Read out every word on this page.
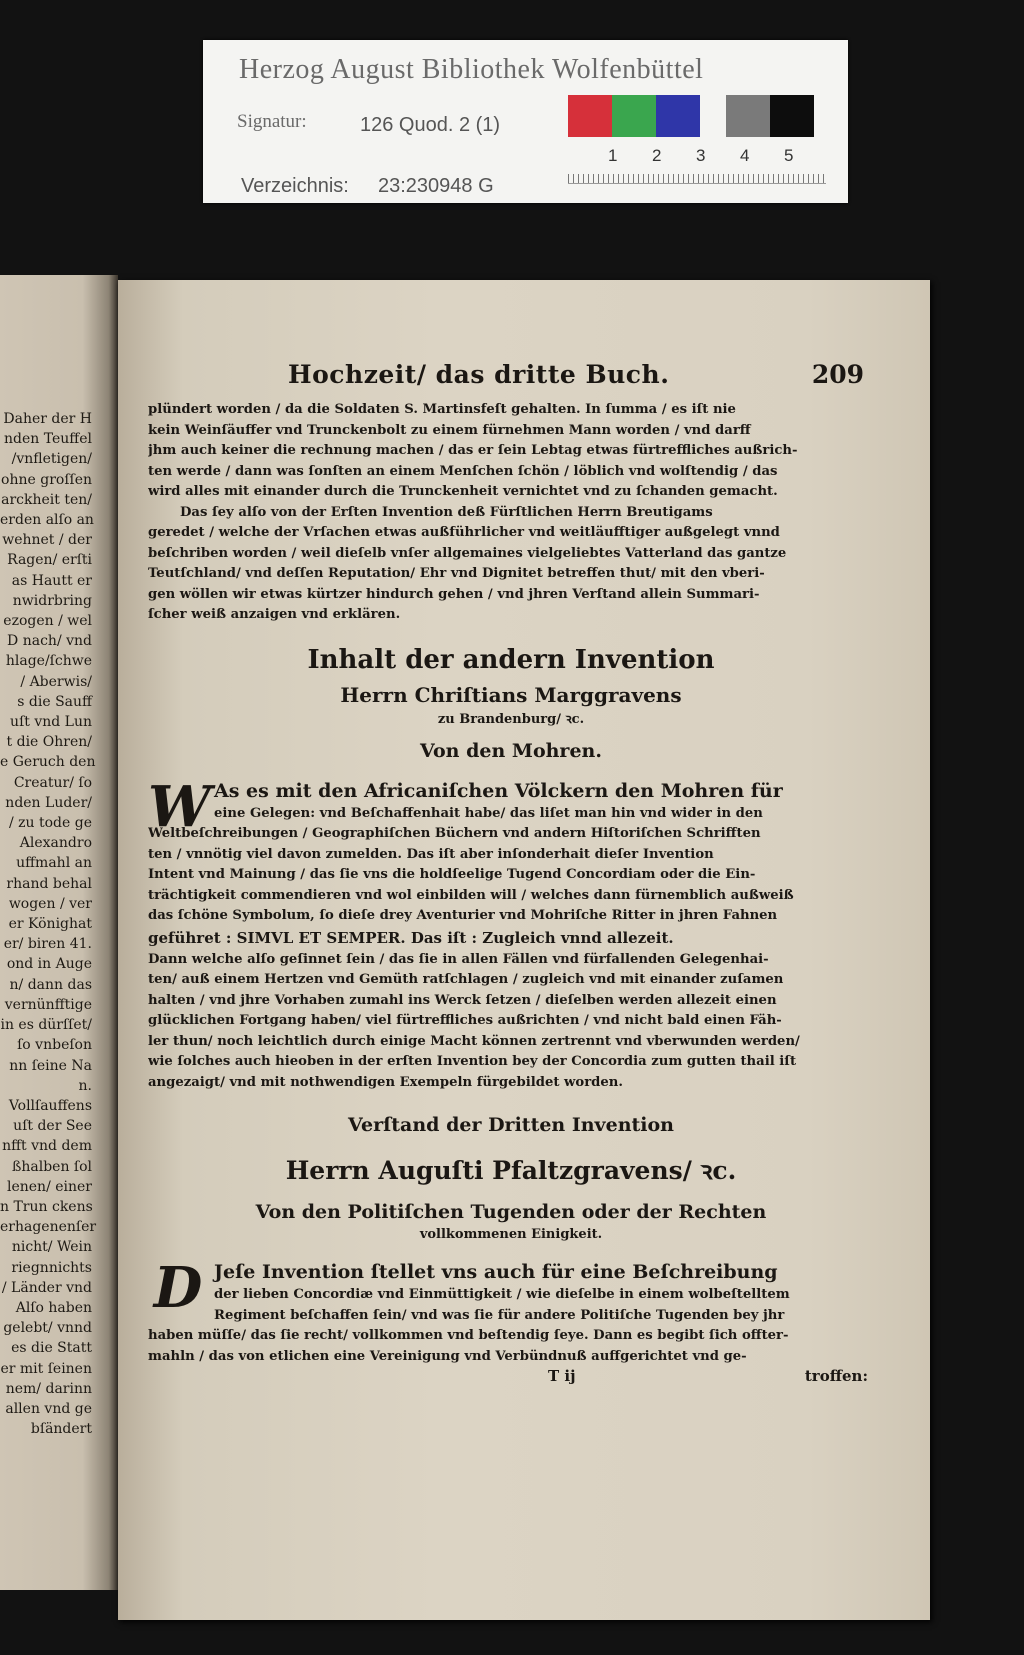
Herzog August Bibliothek Wolfenbüttel
Signatur:	126 Quod. 2 (1)
Verzeichnis: 23:230948 G
1 2 3 4 5
Daher der H
nden Teuffel
/vnfletigen/
ohne groſſen
arckheit ten/
erden alſo an
wehnet / der
Ragen/ erſti
as Hautt er
nwidrbring
ezogen / wel
D nach/ vnd
hlage/ſchwe
/ Aberwis/
s die Sauff
uſt vnd Lun
t die Ohren/
e Geruch den
Creatur/ ſo
nden Luder/
/ zu tode ge
Alexandro
uffmahl an
rhand behal
wogen / ver
er Könighat
er/ biren 41.
ond in Auge
n/ dann das
vernünfftige
in es dürſſet/
ſo vnbeſon
nn ſeine Na
n.
Vollſauffens
uſt der See
nfft vnd dem
ßhalben ſol
lenen/ einer
n Trun ckens
erhagenenſer
nicht/ Wein
riegnnichts
/ Länder vnd
Alſo haben
gelebt/ vnnd
es die Statt
er mit ſeinen
nem/ darinn
allen vnd ge
bſändert
Hochzeit/ das dritte Buch.	209
plündert worden / da die Soldaten S. Martinsfeſt gehalten. In ſumma / es iſt nie
kein Weinſäuffer vnd Trunckenbolt zu einem fürnehmen Mann worden / vnd darff
jhm auch keiner die rechnung machen / das er ſein Lebtag etwas fürtreffliches außrich-
ten werde / dann was ſonſten an einem Menſchen ſchön / löblich vnd wolſtendig / das
wird alles mit einander durch die Trunckenheit vernichtet vnd zu ſchanden gemacht.
Das ſey alſo von der Erſten Invention deß Fürſtlichen Herrn Breutigams
geredet / welche der Vrſachen etwas außführlicher vnd weitläufftiger außgelegt vnnd
beſchriben worden / weil dieſelb vnſer allgemaines vielgeliebtes Vatterland das gantze
Teutſchland/ vnd deſſen Reputation/ Ehr vnd Dignitet betreffen thut/ mit den vberi-
gen wöllen wir etwas kürtzer hindurch gehen / vnd jhren Verſtand allein Summari-
ſcher weiß anzaigen vnd erklären.
Inhalt der andern Invention
Herrn Chriſtians Marggravens
zu Brandenburg/ ꝛc.
Von den Mohren.
W As es mit den Africaniſchen Völckern den Mohren für
eine Gelegen: vnd Beſchaffenhait habe/ das liſet man hin vnd wider in den
Weltbeſchreibungen / Geographiſchen Büchern vnd andern Hiſtoriſchen Schrifften
ten / vnnötig viel davon zumelden. Das iſt aber inſonderhait dieſer Invention
Intent vnd Mainung / das ſie vns die holdſeelige Tugend Concordiam oder die Ein-
trächtigkeit commendieren vnd wol einbilden will / welches dann fürnemblich außweiß
das ſchöne Symbolum, ſo dieſe drey Aventurier vnd Mohriſche Ritter in jhren Fahnen
geführet : SIMVL ET SEMPER. Das iſt : Zugleich vnnd allezeit.
Dann welche alſo geſinnet ſein / das ſie in allen Fällen vnd fürfallenden Gelegenhai-
ten/ auß einem Hertzen vnd Gemüth ratſchlagen / zugleich vnd mit einander zuſamen
halten / vnd jhre Vorhaben zumahl ins Werck ſetzen / dieſelben werden allezeit einen
glücklichen Fortgang haben/ viel fürtreffliches außrichten / vnd nicht bald einen Fäh-
ler thun/ noch leichtlich durch einige Macht können zertrennt vnd vberwunden werden/
wie ſolches auch hieoben in der erſten Invention bey der Concordia zum gutten thail iſt
angezaigt/ vnd mit nothwendigen Exempeln fürgebildet worden.
Verſtand der Dritten Invention
Herrn Auguſti Pfaltzgravens/ ꝛc.
Von den Politiſchen Tugenden oder der Rechten
vollkommenen Einigkeit.
D Jeſe Invention ſtellet vns auch für eine Beſchreibung
der lieben Concordiæ vnd Einmüttigkeit / wie dieſelbe in einem wolbeſtelltem
Regiment beſchaffen ſein/ vnd was ſie für andere Politiſche Tugenden bey jhr
haben müſſe/ das ſie recht/ vollkommen vnd beſtendig ſeye. Dann es begibt ſich offter-
mahln / das von etlichen eine Vereinigung vnd Verbündnuß auffgerichtet vnd ge-
T ij	troffen:
